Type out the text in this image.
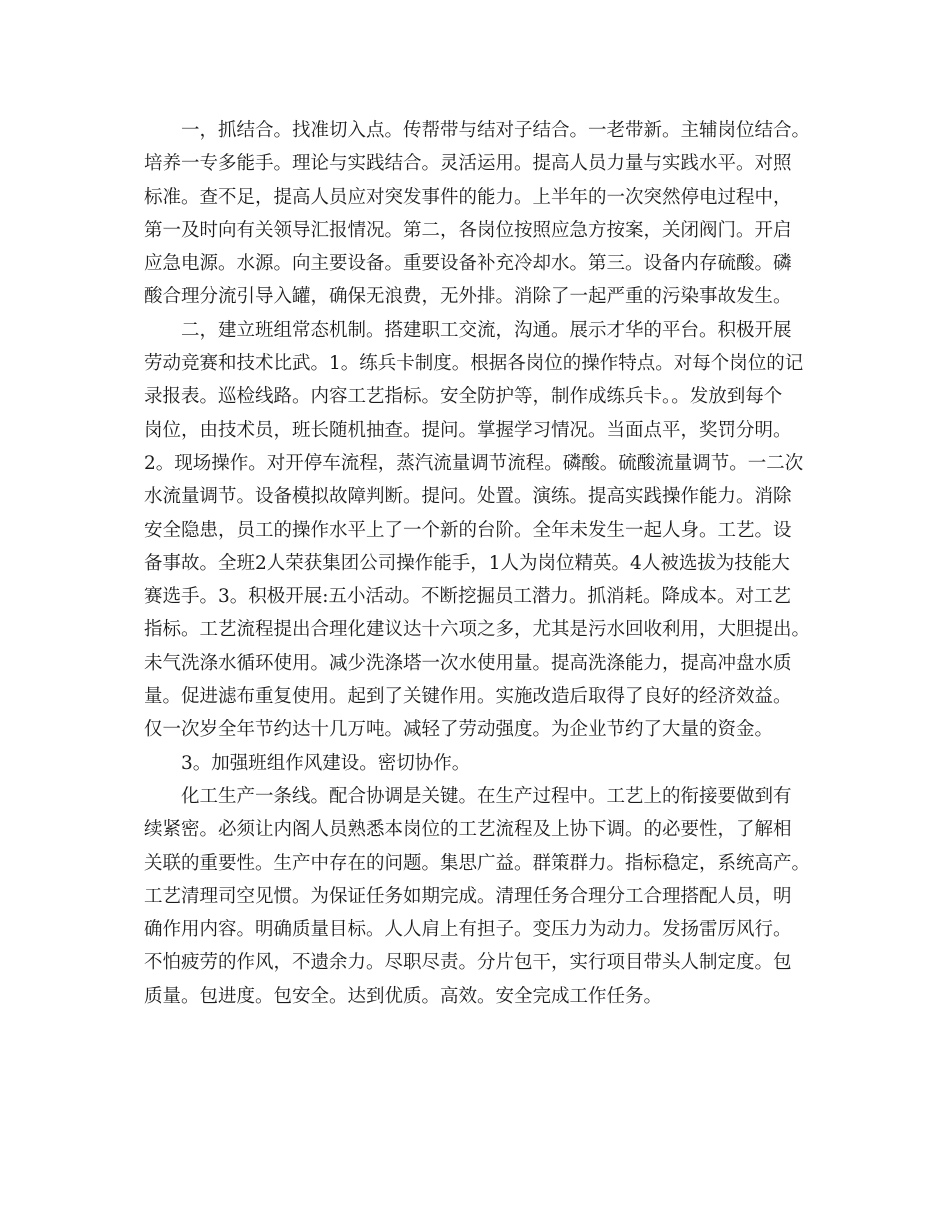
一，抓结合。找准切入点。传帮带与结对子结合。一老带新。主辅岗位结合。
培养一专多能手。理论与实践结合。灵活运用。提高人员力量与实践水平。对照
标准。查不足，提高人员应对突发事件的能力。上半年的一次突然停电过程中，
第一及时向有关领导汇报情况。第二，各岗位按照应急方按案，关闭阀门。开启
应急电源。水源。向主要设备。重要设备补充冷却水。第三。设备内存硫酸。磷
酸合理分流引导入罐，确保无浪费，无外排。消除了一起严重的污染事故发生。
二，建立班组常态机制。搭建职工交流，沟通。展示才华的平台。积极开展
劳动竞赛和技术比武。1。练兵卡制度。根据各岗位的操作特点。对每个岗位的记
录报表。巡检线路。内容工艺指标。安全防护等，制作成练兵卡。。发放到每个
岗位，由技术员，班长随机抽查。提问。掌握学习情况。当面点平，奖罚分明。
2。现场操作。对开停车流程，蒸汽流量调节流程。磷酸。硫酸流量调节。一二次
水流量调节。设备模拟故障判断。提问。处置。演练。提高实践操作能力。消除
安全隐患，员工的操作水平上了一个新的台阶。全年未发生一起人身。工艺。设
备事故。全班2人荣获集团公司操作能手，1人为岗位精英。4人被选拔为技能大
赛选手。3。积极开展:五小活动。不断挖掘员工潜力。抓消耗。降成本。对工艺
指标。工艺流程提出合理化建议达十六项之多，尤其是污水回收利用，大胆提出。
未气洗涤水循环使用。减少洗涤塔一次水使用量。提高洗涤能力，提高冲盘水质
量。促进滤布重复使用。起到了关键作用。实施改造后取得了良好的经济效益。
仅一次岁全年节约达十几万吨。减轻了劳动强度。为企业节约了大量的资金。
3。加强班组作风建设。密切协作。
化工生产一条线。配合协调是关键。在生产过程中。工艺上的衔接要做到有
续紧密。必须让内阁人员熟悉本岗位的工艺流程及上协下调。的必要性，了解相
关联的重要性。生产中存在的问题。集思广益。群策群力。指标稳定，系统高产。
工艺清理司空见惯。为保证任务如期完成。清理任务合理分工合理搭配人员，明
确作用内容。明确质量目标。人人肩上有担子。变压力为动力。发扬雷厉风行。
不怕疲劳的作风，不遗余力。尽职尽责。分片包干，实行项目带头人制定度。包
质量。包进度。包安全。达到优质。高效。安全完成工作任务。
